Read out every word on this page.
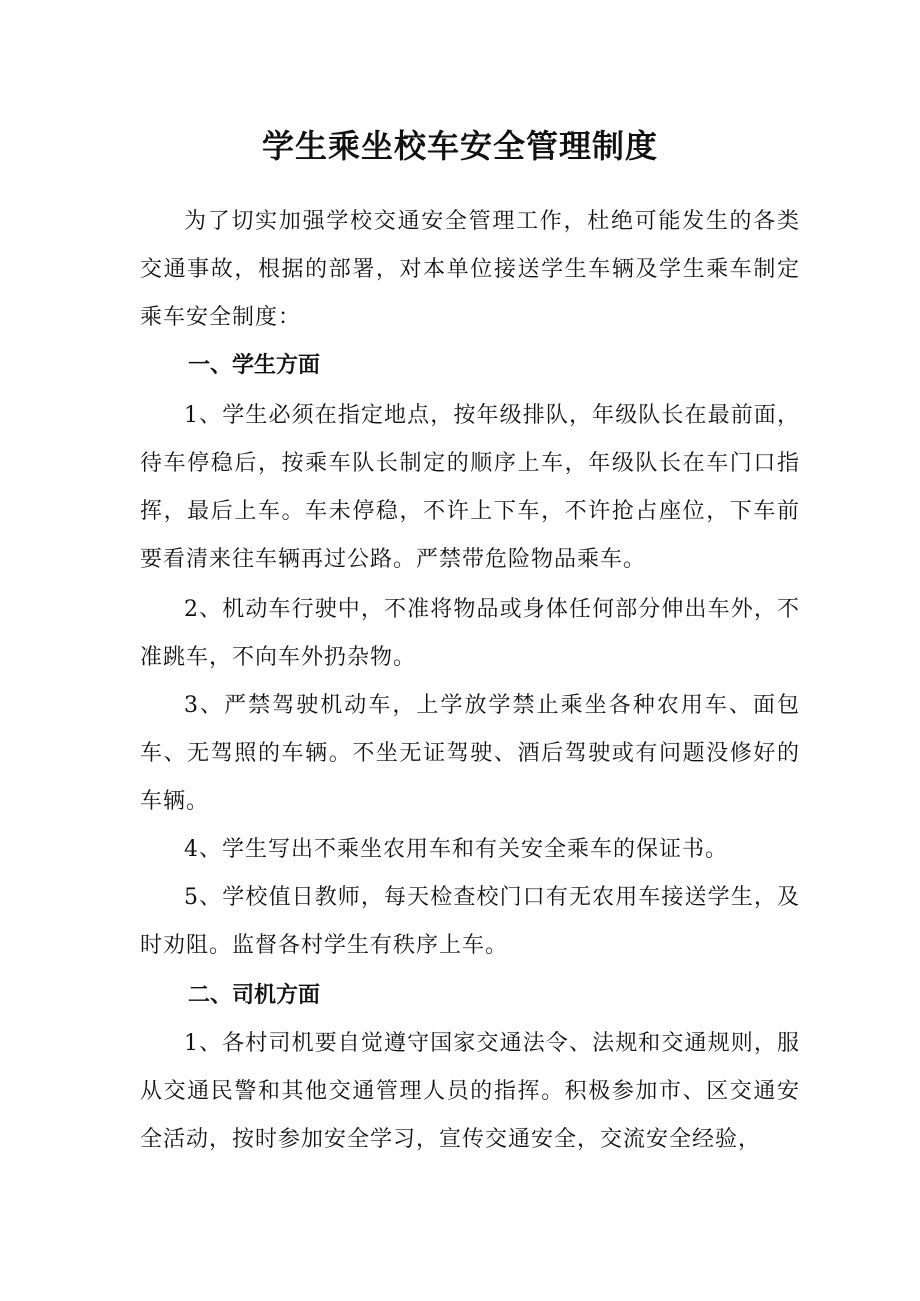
学生乘坐校车安全管理制度
为了切实加强学校交通安全管理工作，杜绝可能发生的各类交通事故，根据的部署，对本单位接送学生车辆及学生乘车制定乘车安全制度：
一、学生方面
1、学生必须在指定地点，按年级排队，年级队长在最前面，待车停稳后，按乘车队长制定的顺序上车，年级队长在车门口指挥，最后上车。车未停稳，不许上下车，不许抢占座位，下车前要看清来往车辆再过公路。严禁带危险物品乘车。
2、机动车行驶中，不准将物品或身体任何部分伸出车外，不准跳车，不向车外扔杂物。
3、严禁驾驶机动车，上学放学禁止乘坐各种农用车、面包车、无驾照的车辆。不坐无证驾驶、酒后驾驶或有问题没修好的车辆。
4、学生写出不乘坐农用车和有关安全乘车的保证书。
5、学校值日教师，每天检查校门口有无农用车接送学生，及时劝阻。监督各村学生有秩序上车。
二、司机方面
1、各村司机要自觉遵守国家交通法令、法规和交通规则，服从交通民警和其他交通管理人员的指挥。积极参加市、区交通安全活动，按时参加安全学习，宣传交通安全，交流安全经验，
